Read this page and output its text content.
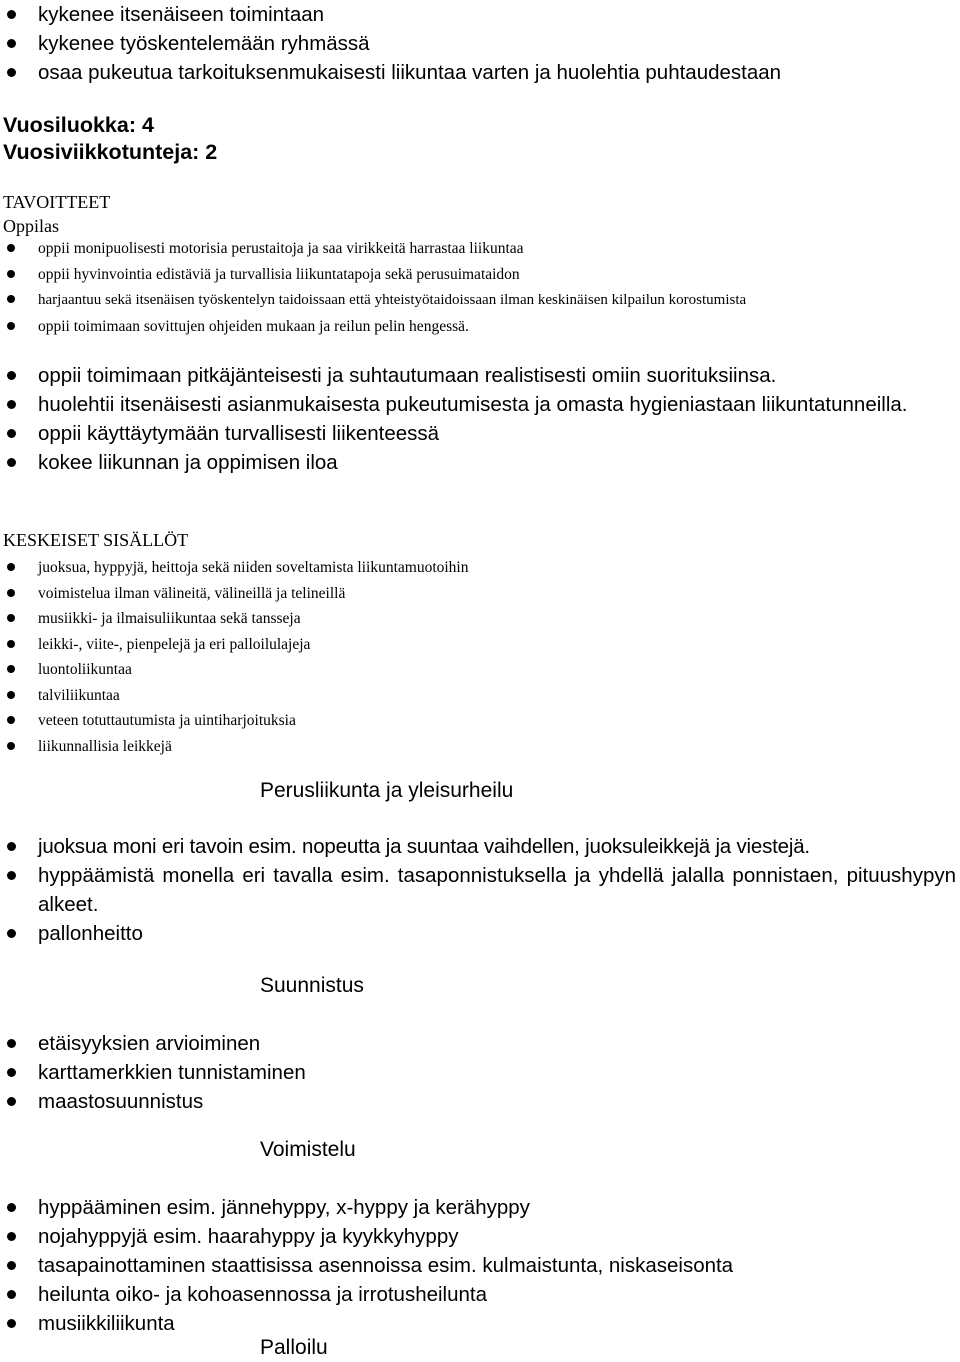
kykenee itsenäiseen toimintaan
kykenee työskentelemään ryhmässä
osaa pukeutua tarkoituksenmukaisesti liikuntaa varten ja huolehtia puhtaudestaan
Vuosiluokka: 4
Vuosiviikkotunteja: 2
TAVOITTEET
Oppilas
oppii monipuolisesti motorisia perustaitoja ja saa virikkeitä harrastaa liikuntaa
oppii hyvinvointia edistäviä ja turvallisia liikuntatapoja sekä perusuimataidon
harjaantuu sekä itsenäisen työskentelyn taidoissaan että yhteistyötaidoissaan ilman keskinäisen kilpailun korostumista
oppii toimimaan sovittujen ohjeiden mukaan ja reilun pelin hengessä.
oppii toimimaan pitkäjänteisesti ja suhtautumaan realistisesti omiin suorituksiinsa.
huolehtii itsenäisesti asianmukaisesta pukeutumisesta ja omasta hygieniastaan liikuntatunneilla.
oppii käyttäytymään turvallisesti liikenteessä
kokee liikunnan ja oppimisen iloa
KESKEISET SISÄLLÖT
juoksua, hyppyjä, heittoja sekä niiden soveltamista liikuntamuotoihin
voimistelua ilman välineitä, välineillä ja telineillä
musiikki- ja ilmaisuliikuntaa sekä tansseja
leikki-, viite-, pienpelejä ja eri palloilulajeja
luontoliikuntaa
talviliikuntaa
veteen totuttautumista ja uintiharjoituksia
liikunnallisia leikkejä
Perusliikunta ja yleisurheilu
juoksua moni eri tavoin esim. nopeutta ja suuntaa vaihdellen, juoksuleikkejä ja viestejä.
hyppäämistä monella eri tavalla esim. tasaponnistuksella ja yhdellä jalalla ponnistaen, pituushypyn alkeet.
pallonheitto
Suunnistus
etäisyyksien arvioiminen
karttamerkkien tunnistaminen
maastosuunnistus
Voimistelu
hyppääminen esim. jännehyppy, x-hyppy ja kerähyppy
nojahyppyjä esim. haarahyppy ja kyykkyhyppy
tasapainottaminen staattisissa asennoissa esim. kulmaistunta, niskaseisonta
heilunta oiko- ja kohoasennossa ja irrotusheilunta
musiikkiliikunta
Palloilu
